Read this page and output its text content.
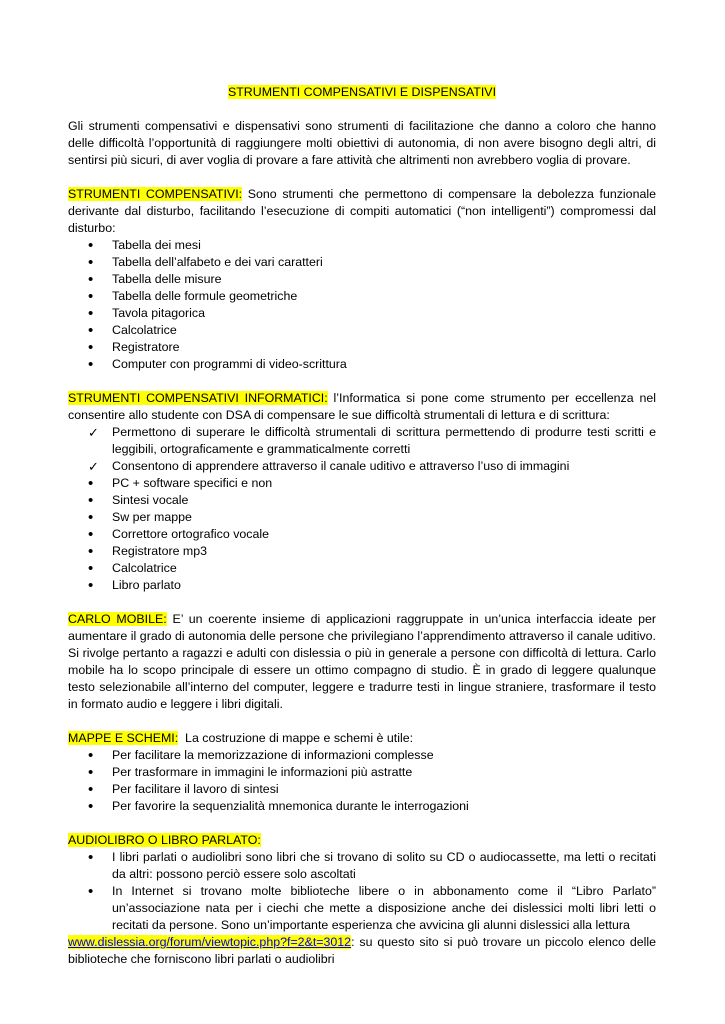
STRUMENTI COMPENSATIVI E DISPENSATIVI

Gli strumenti compensativi e dispensativi sono strumenti di facilitazione che danno a coloro che hanno delle difficoltà l’opportunità di raggiungere molti obiettivi di autonomia, di non avere bisogno degli altri, di sentirsi più sicuri, di aver voglia di provare a fare attività che altrimenti non avrebbero voglia di provare.

STRUMENTI COMPENSATIVI: Sono strumenti che permettono di compensare la debolezza funzionale derivante dal disturbo, facilitando l’esecuzione di compiti automatici (“non intelligenti”) compromessi dal disturbo:

•
Tabella dei mesi
•
Tabella dell’alfabeto e dei vari caratteri
•
Tabella delle misure
•
Tabella delle formule geometriche
•
Tavola pitagorica
•
Calcolatrice
•
Registratore
•
Computer con programmi di video-scrittura

STRUMENTI COMPENSATIVI INFORMATICI: l’Informatica si pone come strumento per eccellenza nel consentire allo studente con DSA di compensare le sue difficoltà strumentali di lettura e di scrittura:

✓
Permettono di superare le difficoltà strumentali di scrittura permettendo di produrre testi scritti e leggibili, ortograficamente e grammaticalmente corretti
✓
Consentono di apprendere attraverso il canale uditivo e attraverso l’uso di immagini
•
PC + software specifici e non
•
Sintesi vocale
•
Sw per mappe
•
Correttore ortografico vocale
•
Registratore mp3
•
Calcolatrice
•
Libro parlato

CARLO MOBILE: E’ un coerente insieme di applicazioni raggruppate in un’unica interfaccia ideate per aumentare il grado di autonomia delle persone che privilegiano l’apprendimento attraverso il canale uditivo. Si rivolge pertanto a ragazzi e adulti con dislessia o più in generale a persone con difficoltà di lettura. Carlo mobile ha lo scopo principale di essere un ottimo compagno di studio. È in grado di leggere qualunque testo selezionabile all’interno del computer, leggere e tradurre testi in lingue straniere, trasformare il testo in formato audio e leggere i libri digitali.

MAPPE E SCHEMI:  La costruzione di mappe e schemi è utile:

•
Per facilitare la memorizzazione di informazioni complesse
•
Per trasformare in immagini le informazioni più astratte
•
Per facilitare il lavoro di sintesi
•
Per favorire la sequenzialità mnemonica durante le interrogazioni

AUDIOLIBRO O LIBRO PARLATO:

•
I libri parlati o audiolibri sono libri che si trovano di solito su CD o audiocassette, ma letti o recitati da altri: possono perciò essere solo ascoltati
•
In Internet si trovano molte biblioteche libere o in abbonamento come il “Libro Parlato” un’associazione nata per i ciechi che mette a disposizione anche dei dislessici molti libri letti o recitati da persone. Sono un’importante esperienza che avvicina gli alunni dislessici alla lettura

www.dislessia.org/forum/viewtopic.php?f=2&t=3012: su questo sito si può trovare un piccolo elenco delle biblioteche che forniscono libri parlati o audiolibri
